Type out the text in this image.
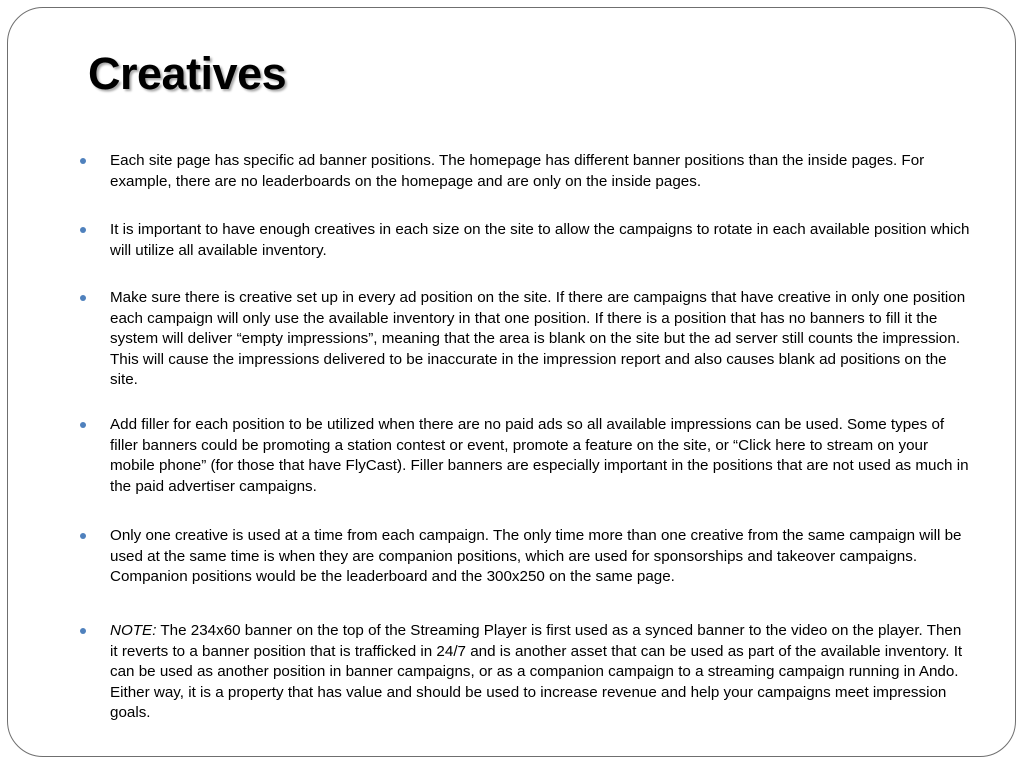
Creatives
Each site page has specific ad banner positions. The homepage has different banner positions than the inside pages. For example, there are no leaderboards on the homepage and are only on the inside pages.
It is important to have enough creatives in each size on the site to allow the campaigns to rotate in each available position which will utilize all available inventory.
Make sure there is creative set up in every ad position on the site. If there are campaigns that have creative in only one position each campaign will only use the available inventory in that one position. If there is a position that has no banners to fill it the system will deliver “empty impressions”, meaning that the area is blank on the site but the ad server still counts the impression. This will cause the impressions delivered to be inaccurate in the impression report and also causes blank ad positions on the site.
Add filler for each position to be utilized when there are no paid ads so all available impressions can be used. Some types of filler banners could be promoting a station contest or event, promote a feature on the site, or “Click here to stream on your mobile phone” (for those that have FlyCast). Filler banners are especially important in the positions that are not used as much in the paid advertiser campaigns.
Only one creative is used at a time from each campaign. The only time more than one creative from the same campaign will be used at the same time is when they are companion positions, which are used for sponsorships and takeover campaigns. Companion positions would be the leaderboard and the 300x250 on the same page.
NOTE: The 234x60 banner on the top of the Streaming Player is first used as a synced banner to the video on the player. Then it reverts to a banner position that is trafficked in 24/7 and is another asset that can be used as part of the available inventory. It can be used as another position in banner campaigns, or as a companion campaign to a streaming campaign running in Ando. Either way, it is a property that has value and should be used to increase revenue and help your campaigns meet impression goals.
